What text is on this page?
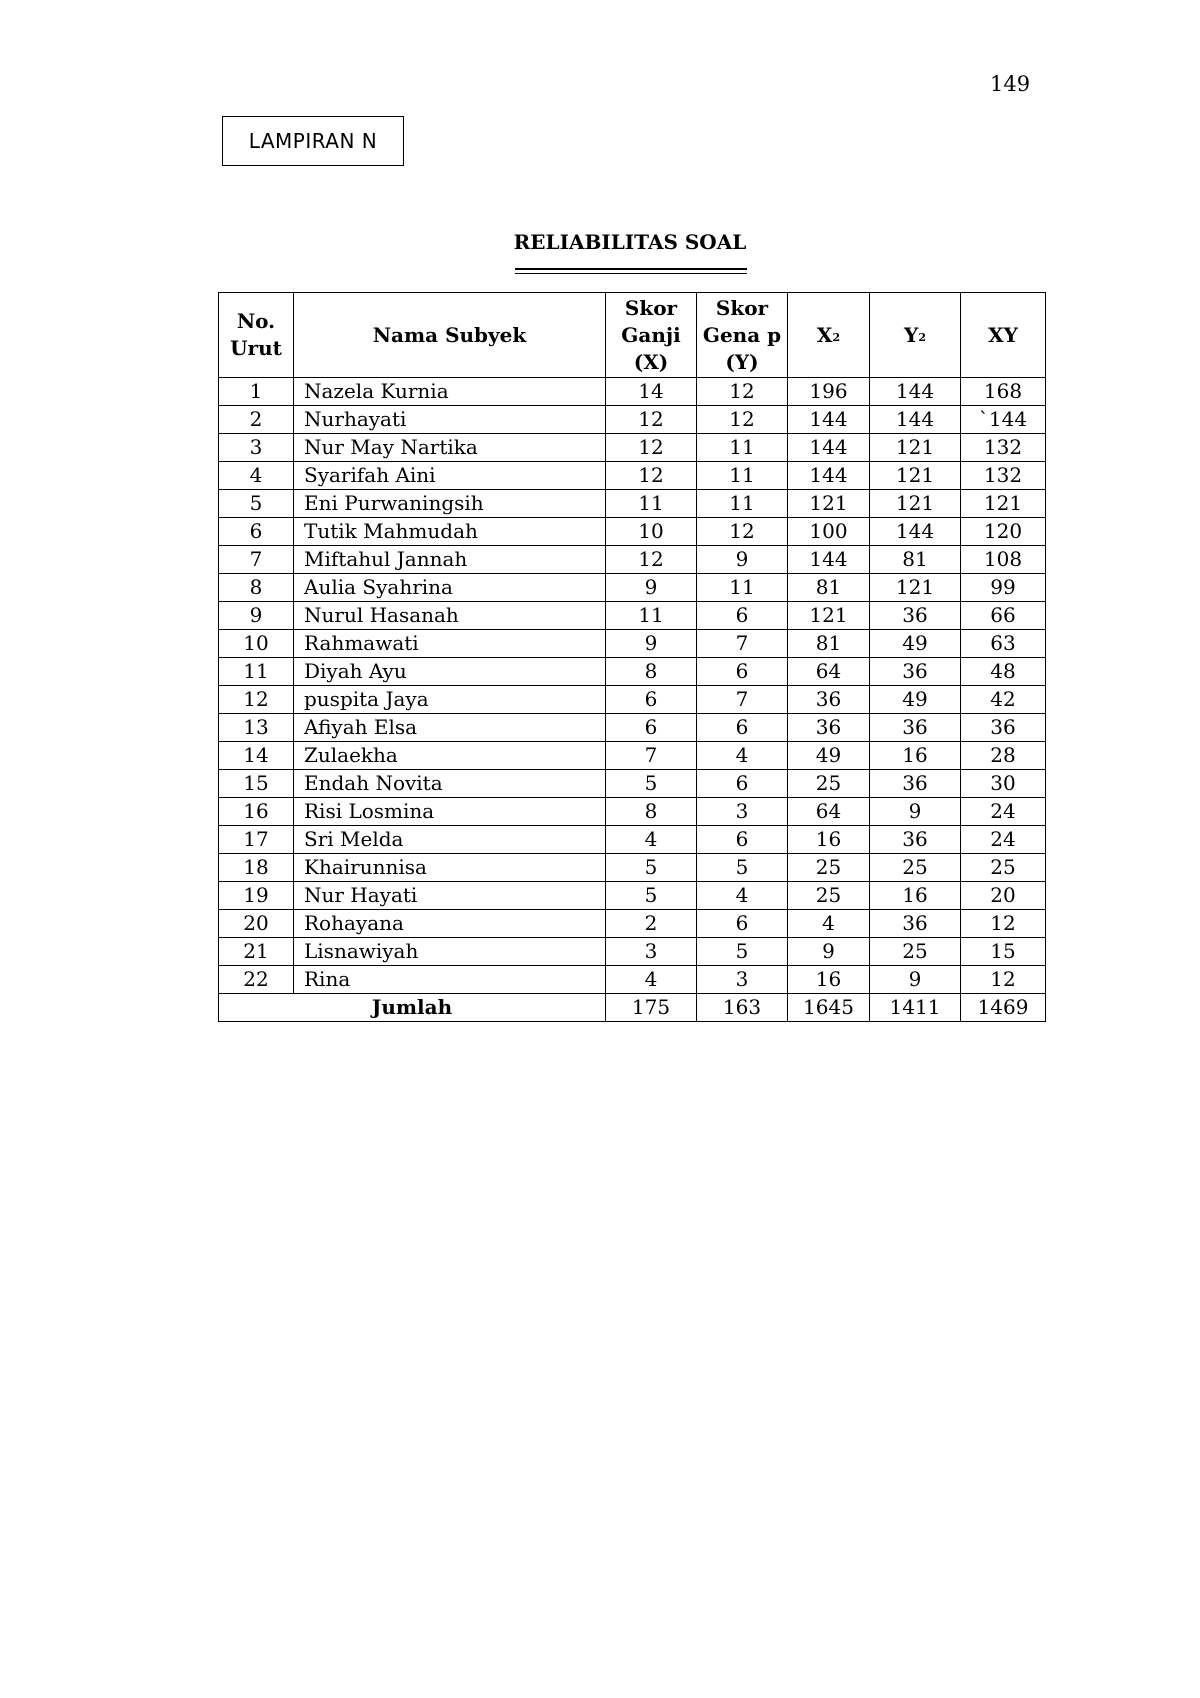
149
LAMPIRAN N
RELIABILITAS SOAL
No. Urut	Nama Subyek	Skor Ganji (X)	Skor Gena p (Y)	$X^2$	$Y^2$	XY
1	Nazela Kurnia	14	12	196	144	168
2	Nurhayati	12	12	144	144	`144
3	Nur May Nartika	12	11	144	121	132
4	Syarifah Aini	12	11	144	121	132
5	Eni Purwaningsih	11	11	121	121	121
6	Tutik Mahmudah	10	12	100	144	120
7	Miftahul Jannah	12	9	144	81	108
8	Aulia Syahrina	9	11	81	121	99
9	Nurul Hasanah	11	6	121	36	66
10	Rahmawati	9	7	81	49	63
11	Diyah Ayu	8	6	64	36	48
12	puspita Jaya	6	7	36	49	42
13	Afiyah Elsa	6	6	36	36	36
14	Zulaekha	7	4	49	16	28
15	Endah Novita	5	6	25	36	30
16	Risi Losmina	8	3	64	9	24
17	Sri Melda	4	6	16	36	24
18	Khairunnisa	5	5	25	25	25
19	Nur Hayati	5	4	25	16	20
20	Rohayana	2	6	4	36	12
21	Lisnawiyah	3	5	9	25	15
22	Rina	4	3	16	9	12
Jumlah		175	163	1645	1411	1469
